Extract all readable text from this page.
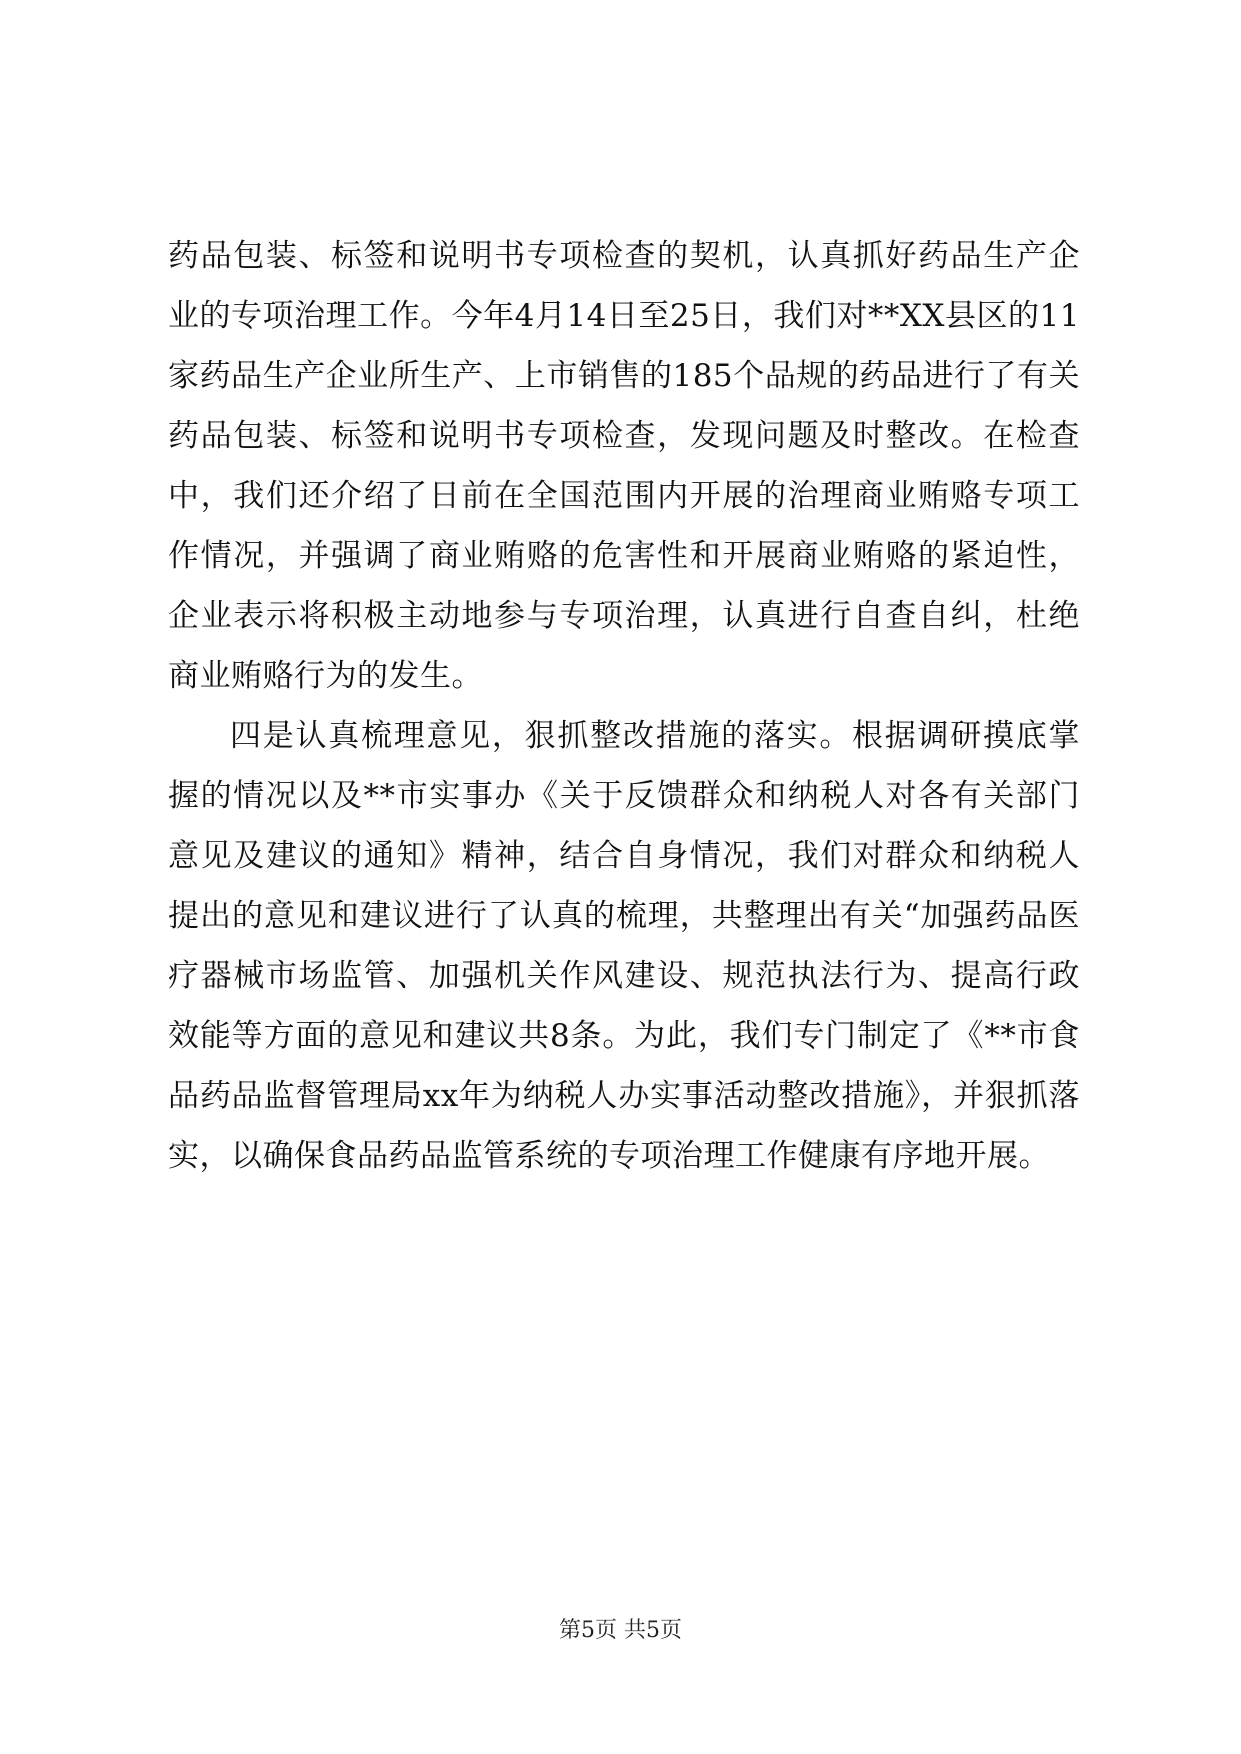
药品包装、标签和说明书专项检查的契机，认真抓好药品生产企业的专项治理工作。今年4月14日至25日，我们对**XX县区的11家药品生产企业所生产、上市销售的185个品规的药品进行了有关药品包装、标签和说明书专项检查，发现问题及时整改。在检查中，我们还介绍了日前在全国范围内开展的治理商业贿赂专项工作情况，并强调了商业贿赂的危害性和开展商业贿赂的紧迫性，企业表示将积极主动地参与专项治理，认真进行自查自纠，杜绝商业贿赂行为的发生。

四是认真梳理意见，狠抓整改措施的落实。根据调研摸底掌握的情况以及**市实事办《关于反馈群众和纳税人对各有关部门意见及建议的通知》精神，结合自身情况，我们对群众和纳税人提出的意见和建议进行了认真的梳理，共整理出有关“加强药品医疗器械市场监管、加强机关作风建设、规范执法行为、提高行政效能等方面的意见和建议共8条。为此，我们专门制定了《**市食品药品监督管理局xx年为纳税人办实事活动整改措施》，并狠抓落实，以确保食品药品监管系统的专项治理工作健康有序地开展。

第5页 共5页
